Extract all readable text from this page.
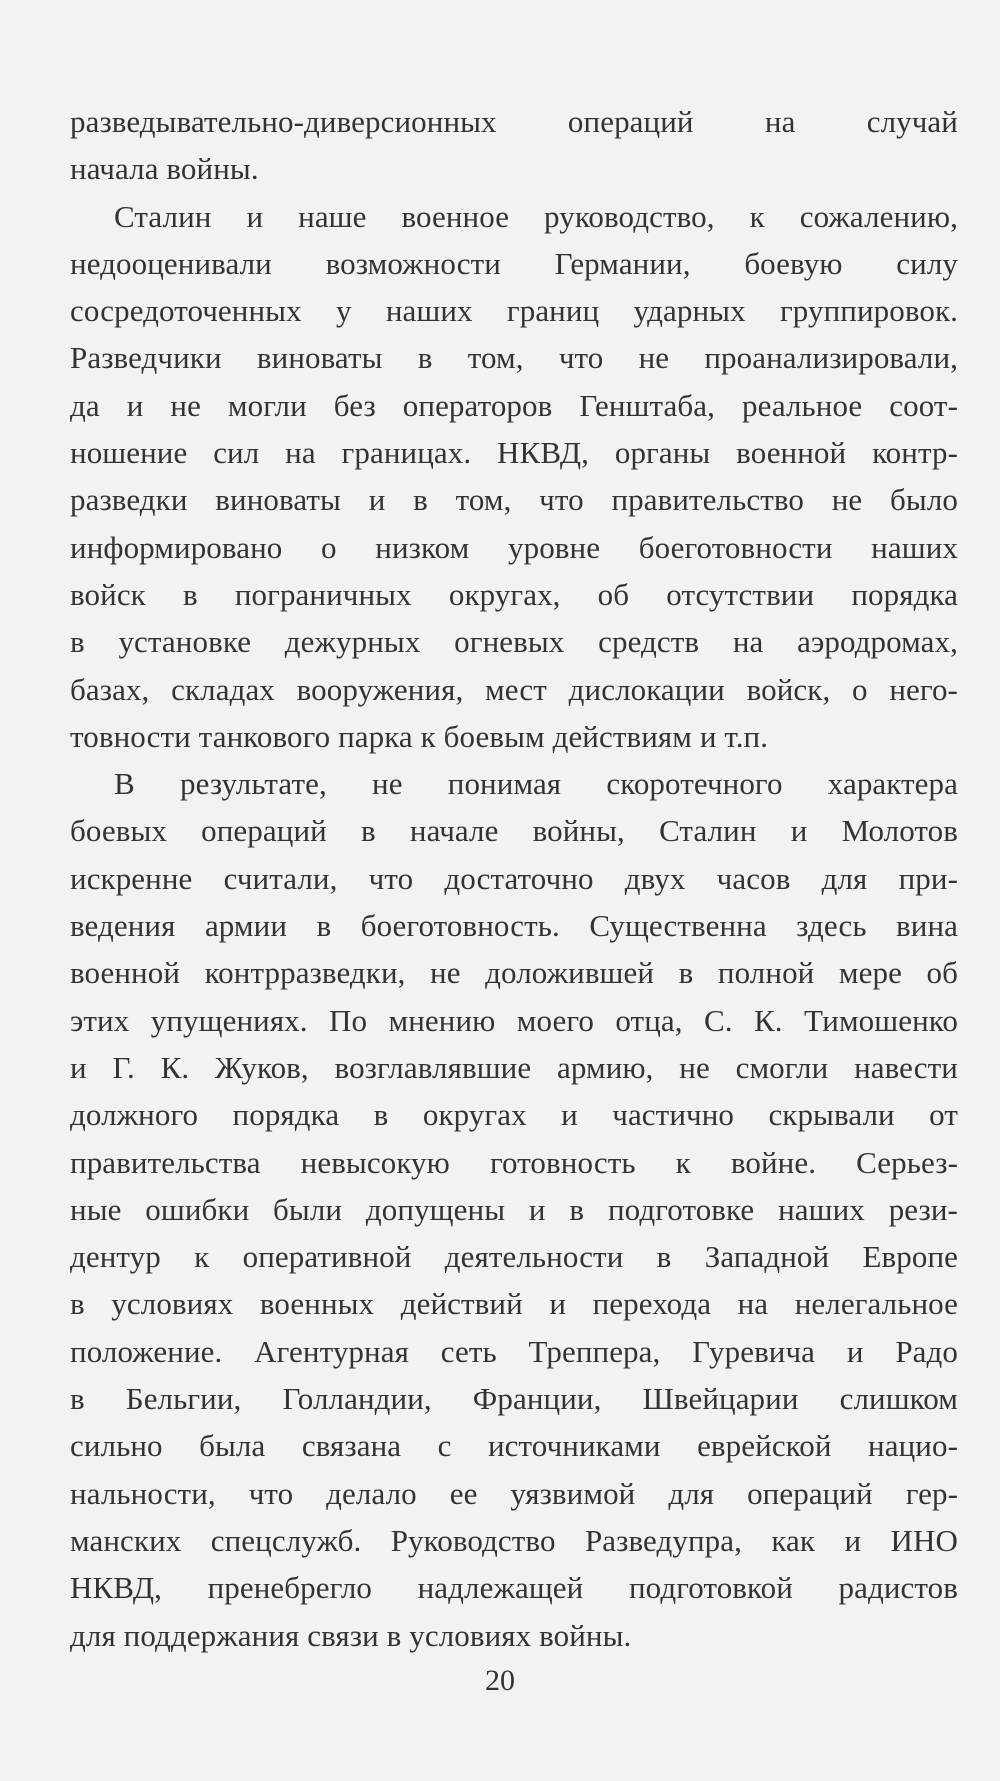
разведывательно-диверсионных операций на случай
начала войны.
Сталин и наше военное руководство, к сожалению,
недооценивали возможности Германии, боевую силу
сосредоточенных у наших границ ударных группировок.
Разведчики виноваты в том, что не проанализировали,
да и не могли без операторов Генштаба, реальное соот-
ношение сил на границах. НКВД, органы военной контр-
разведки виноваты и в том, что правительство не было
информировано о низком уровне боеготовности наших
войск в пограничных округах, об отсутствии порядка
в установке дежурных огневых средств на аэродромах,
базах, складах вооружения, мест дислокации войск, о него-
товности танкового парка к боевым действиям и т.п.
В результате, не понимая скоротечного характера
боевых операций в начале войны, Сталин и Молотов
искренне считали, что достаточно двух часов для при-
ведения армии в боеготовность. Существенна здесь вина
военной контрразведки, не доложившей в полной мере об
этих упущениях. По мнению моего отца, С. К. Тимошенко
и Г. К. Жуков, возглавлявшие армию, не смогли навести
должного порядка в округах и частично скрывали от
правительства невысокую готовность к войне. Серьез-
ные ошибки были допущены и в подготовке наших рези-
дентур к оперативной деятельности в Западной Европе
в условиях военных действий и перехода на нелегальное
положение. Агентурная сеть Треппера, Гуревича и Радо
в Бельгии, Голландии, Франции, Швейцарии слишком
сильно была связана с источниками еврейской нацио-
нальности, что делало ее уязвимой для операций гер-
манских спецслужб. Руководство Разведупра, как и ИНО
НКВД, пренебрегло надлежащей подготовкой радистов
для поддержания связи в условиях войны.
20
